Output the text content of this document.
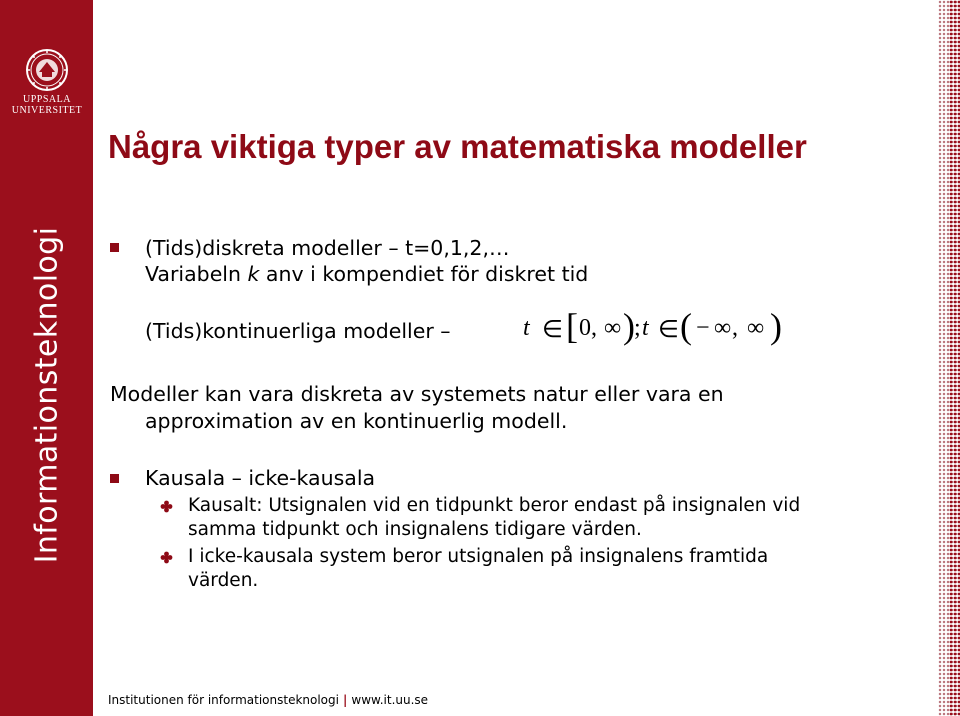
UPPSALA
UNIVERSITET
Informationsteknologi
Några viktiga typer av matematiska modeller
(Tids)diskreta modeller – t=0,1,2,…
Variabeln k anv i kompendiet för diskret tid
(Tids)kontinuerliga modeller –	t ∈ [ 0, ∞ ) ; t ∈ ( − ∞ , ∞ )
Modeller kan vara diskreta av systemets natur eller vara en
approximation av en kontinuerlig modell.
Kausala – icke-kausala
Kausalt: Utsignalen vid en tidpunkt beror endast på insignalen vid
samma tidpunkt och insignalens tidigare värden.
I icke-kausala system beror utsignalen på insignalens framtida
värden.
Institutionen för informationsteknologi | www.it.uu.se
